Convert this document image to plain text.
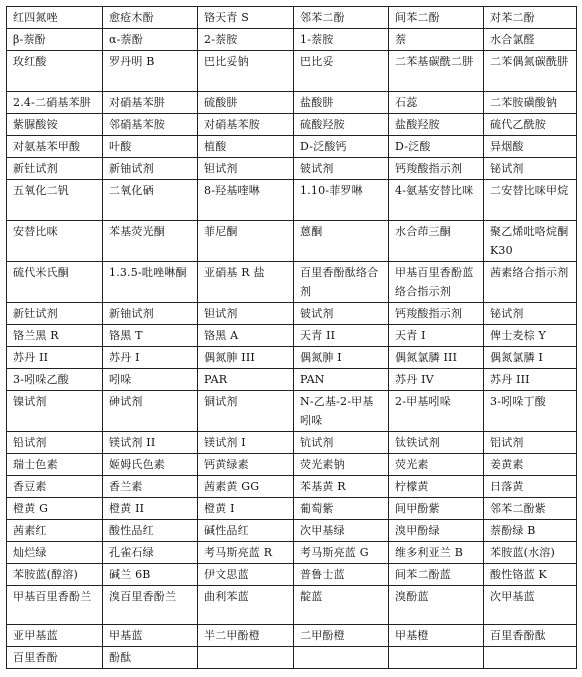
红四氮唑	愈疮木酚	铬天青 S	邻苯二酚	间苯二酚	对苯二酚
β-萘酚	α-萘酚	2-萘胺	1-萘胺	萘	水合氯醛
玫红酸	罗丹明 B	巴比妥钠	巴比妥	二苯基碳酰二肼	二苯偶氮碳酰肼
2.4-二硝基苯肼	对硝基苯肼	硫酸肼	盐酸肼	石蕊	二苯胺磺酸钠
紫脲酸铵	邻硝基苯胺	对硝基苯胺	硫酸羟胺	盐酸羟胺	硫代乙酰胺
对氨基苯甲酸	叶酸	植酸	D-泛酸钙	D-泛酸	异烟酸
新钍试剂	新铀试剂	钽试剂	铍试剂	钙羧酸指示剂	铋试剂
五氧化二钒	二氧化硒	8-羟基喹啉	1.10-菲罗啉	4-氨基安替比咪	二安替比咪甲烷
安替比咪	苯基荧光酮	菲尼酮	蒽酮	水合茚三酮	聚乙烯吡咯烷酮 K30
硫代米氏酮	1.3.5-吡唑啉酮	亚硝基 R 盐	百里香酚酞络合剂	甲基百里香酚蓝络合指示剂	茜素络合指示剂
新钍试剂	新铀试剂	钽试剂	铍试剂	钙羧酸指示剂	铋试剂
铬兰黑 R	铬黑 T	铬黑 A	天青 II	天青 I	俾士麦棕 Y
苏丹 II	苏丹 I	偶氮胂 III	偶氮胂 I	偶氮氯膦 III	偶氮氯膦 I
3-吲哚乙酸	吲哚	PAR	PAN	苏丹 IV	苏丹 III
镍试剂	砷试剂	铜试剂	N-乙基-2-甲基吲哚	2-甲基吲哚	3-吲哚丁酸
铅试剂	镁试剂 II	镁试剂 I	钪试剂	钛铁试剂	铝试剂
瑞士色素	姬姆氏色素	钙黄绿素	荧光素钠	荧光素	姜黄素
香豆素	香兰素	茜素黄 GG	苯基黄 R	柠檬黄	日落黄
橙黄 G	橙黄 II	橙黄 I	葡萄紫	间甲酚紫	邻苯二酚紫
茜素红	酸性品红	碱性品红	次甲基绿	溴甲酚绿	萘酚绿 B
灿烂绿	孔雀石绿	考马斯亮蓝 R	考马斯亮蓝 G	维多利亚兰 B	苯胺蓝(水溶)
苯胺蓝(醇溶)	碱兰 6B	伊文思蓝	普鲁士蓝	间苯二酚蓝	酸性铬蓝 K
甲基百里香酚兰	溴百里香酚兰	曲利苯蓝	靛蓝	溴酚蓝	次甲基蓝
亚甲基蓝	甲基蓝	半二甲酚橙	二甲酚橙	甲基橙	百里香酚酞
百里香酚	酚酞				
